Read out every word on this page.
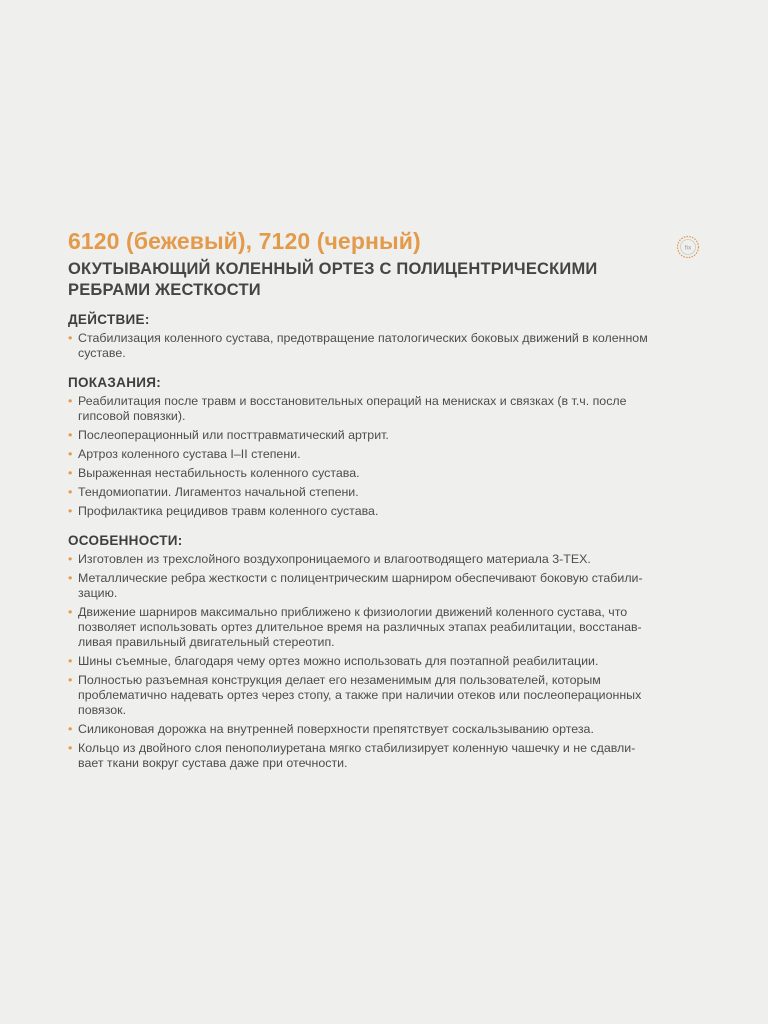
fix
6120 (бежевый), 7120 (черный)
ОКУТЫВАЮЩИЙ КОЛЕННЫЙ ОРТЕЗ С ПОЛИЦЕНТРИЧЕСКИМИ
РЕБРАМИ ЖЕСТКОСТИ
ДЕЙСТВИЕ:
• Стабилизация коленного сустава, предотвращение патологических боковых движений в коленном
суставе.
ПОКАЗАНИЯ:
• Реабилитация после травм и восстановительных операций на менисках и связках (в т.ч. после
гипсовой повязки).
• Послеоперационный или посттравматический артрит.
• Артроз коленного сустава I–II степени.
• Выраженная нестабильность коленного сустава.
• Тендомиопатии. Лигаментоз начальной степени.
• Профилактика рецидивов травм коленного сустава.
ОСОБЕННОСТИ:
• Изготовлен из трехслойного воздухопроницаемого и влагоотводящего материала 3-TEX.
• Металлические ребра жесткости с полицентрическим шарниром обеспечивают боковую стабили-
зацию.
• Движение шарниров максимально приближено к физиологии движений коленного сустава, что
позволяет использовать ортез длительное время на различных этапах реабилитации, восстанав-
ливая правильный двигательный стереотип.
• Шины съемные, благодаря чему ортез можно использовать для поэтапной реабилитации.
• Полностью разъемная конструкция делает его незаменимым для пользователей, которым
проблематично надевать ортез через стопу, а также при наличии отеков или послеоперационных
повязок.
• Силиконовая дорожка на внутренней поверхности препятствует соскальзыванию ортеза.
• Кольцо из двойного слоя пенополиуретана мягко стабилизирует коленную чашечку и не сдавли-
вает ткани вокруг сустава даже при отечности.
